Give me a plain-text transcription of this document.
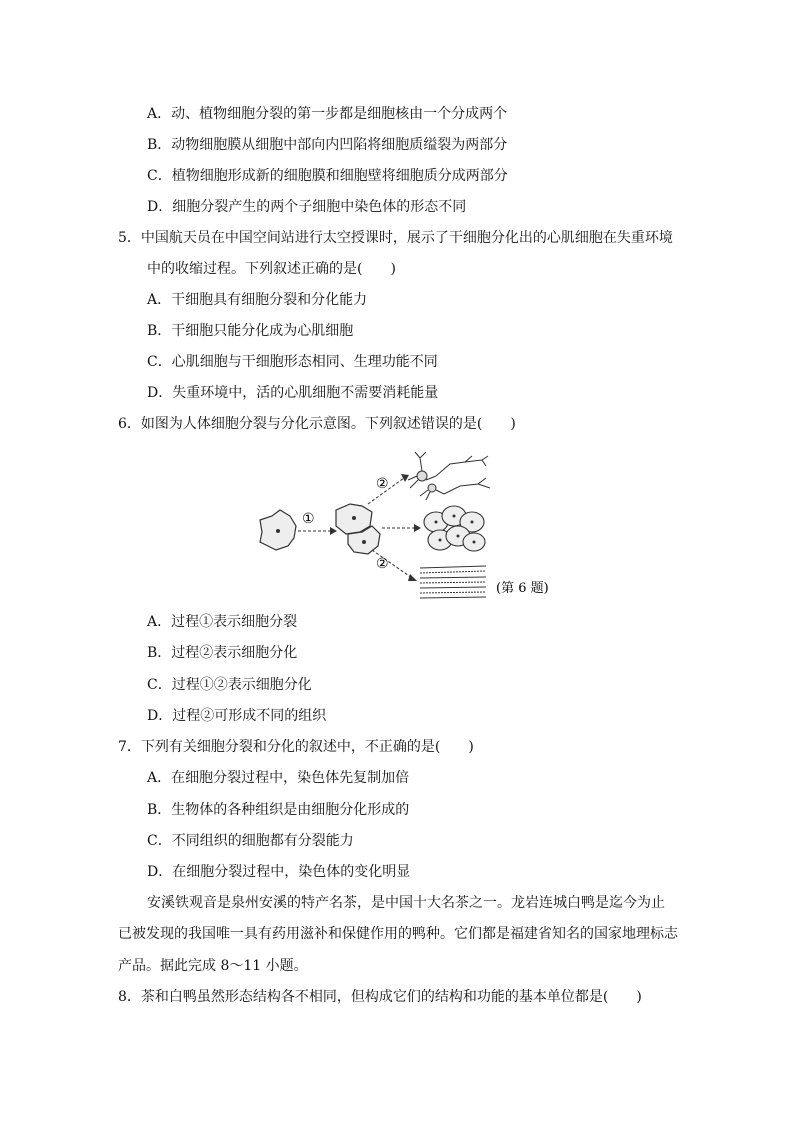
A．动、植物细胞分裂的第一步都是细胞核由一个分成两个
B．动物细胞膜从细胞中部向内凹陷将细胞质缢裂为两部分
C．植物细胞形成新的细胞膜和细胞壁将细胞质分成两部分
D．细胞分裂产生的两个子细胞中染色体的形态不同
5．中国航天员在中国空间站进行太空授课时，展示了干细胞分化出的心肌细胞在失重环境
中的收缩过程。下列叙述正确的是(　　)
A．干细胞具有细胞分裂和分化能力
B．干细胞只能分化成为心肌细胞
C．心肌细胞与干细胞形态相同、生理功能不同
D．失重环境中，活的心肌细胞不需要消耗能量
6．如图为人体细胞分裂与分化示意图。下列叙述错误的是(　　)
①
②
②
(第 6 题)
A．过程①表示细胞分裂
B．过程②表示细胞分化
C．过程①②表示细胞分化
D．过程②可形成不同的组织
7．下列有关细胞分裂和分化的叙述中，不正确的是(　　)
A．在细胞分裂过程中，染色体先复制加倍
B．生物体的各种组织是由细胞分化形成的
C．不同组织的细胞都有分裂能力
D．在细胞分裂过程中，染色体的变化明显
安溪铁观音是泉州安溪的特产名茶，是中国十大名茶之一。龙岩连城白鸭是迄今为止
已被发现的我国唯一具有药用滋补和保健作用的鸭种。它们都是福建省知名的国家地理标志
产品。据此完成 8～11 小题。
8．茶和白鸭虽然形态结构各不相同，但构成它们的结构和功能的基本单位都是(　　)
